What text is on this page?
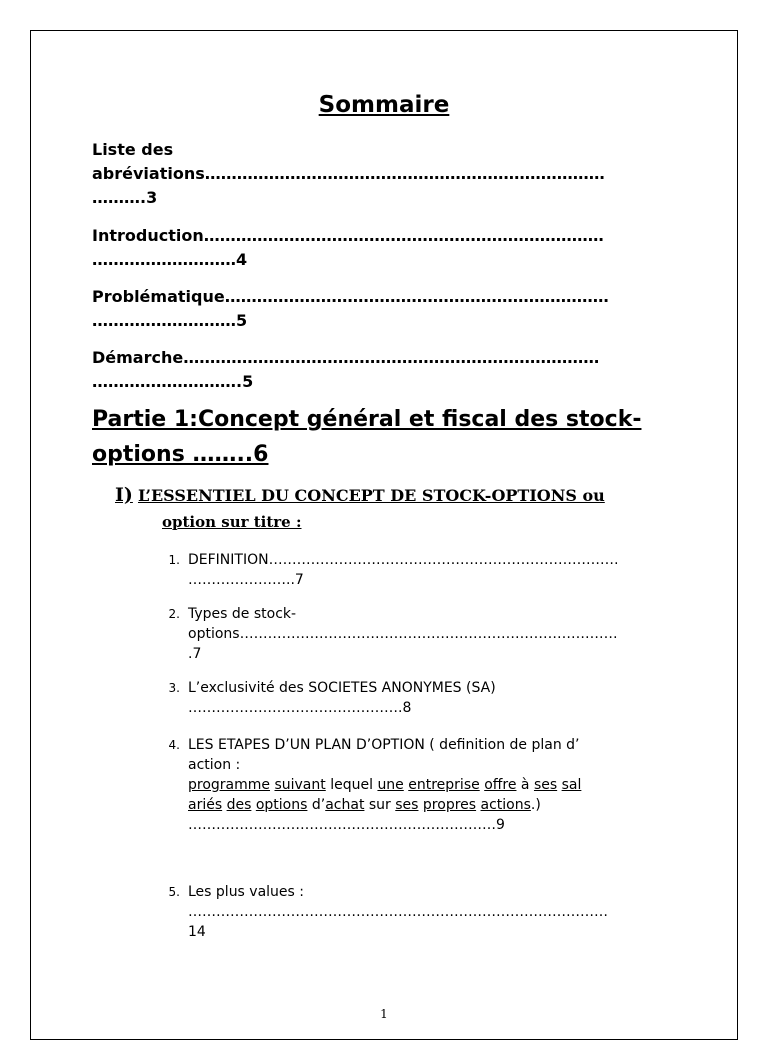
Sommaire
Liste des
abréviations…………………………………………………………………
……….3
Introduction…………………………………………………………………
………………………4
Problématique………………………………………………………………
………………………5
Démarche……………………………………………………………………
……………………….5
Partie 1:Concept général et fiscal des stock-
options ……..6
I) L’ESSENTIEL DU CONCEPT DE STOCK-OPTIONS ou
option sur titre :
1. DEFINITION…………………………………………………………………
…………………..7
2. Types de stock-
options………………………………………………………………………
.7
3. L’exclusivité des SOCIETES ANONYMES (SA)
……………………………………….8
4. LES ETAPES D’UN PLAN D’OPTION ( definition de plan d’
action :
programme suivant lequel une entreprise offre à ses sal
ariés des options d’achat sur ses propres actions.)
…………………………………………………………9
5. Les plus values :
………………………………………………………………………………
14
1
